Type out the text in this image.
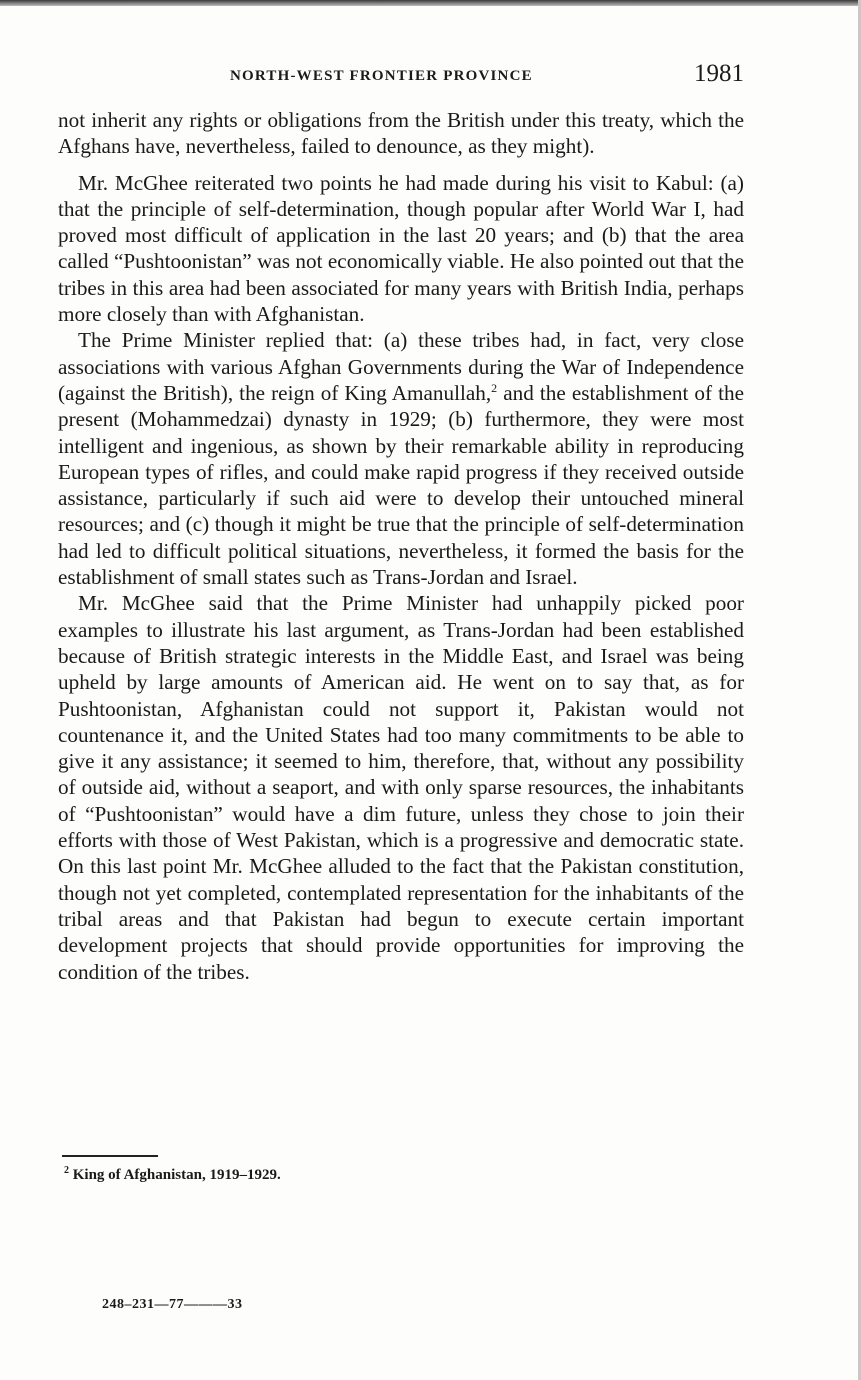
NORTH-WEST FRONTIER PROVINCE	1981

not inherit any rights or obligations from the British under this treaty, which the Afghans have, nevertheless, failed to denounce, as they might).

Mr. McGhee reiterated two points he had made during his visit to Kabul: (a) that the principle of self-determination, though popular after World War I, had proved most difficult of application in the last 20 years; and (b) that the area called “Pushtoonistan” was not economically viable. He also pointed out that the tribes in this area had been associated for many years with British India, perhaps more closely than with Afghanistan.

The Prime Minister replied that: (a) these tribes had, in fact, very close associations with various Afghan Governments during the War of Independence (against the British), the reign of King Amanullah,$^2$ and the establishment of the present (Mohammedzai) dynasty in 1929; (b) furthermore, they were most intelligent and ingenious, as shown by their remarkable ability in reproducing European types of rifles, and could make rapid progress if they received outside assistance, particularly if such aid were to develop their untouched mineral resources; and (c) though it might be true that the principle of self-determination had led to difficult political situations, nevertheless, it formed the basis for the establishment of small states such as Trans-Jordan and Israel.

Mr. McGhee said that the Prime Minister had unhappily picked poor examples to illustrate his last argument, as Trans-Jordan had been established because of British strategic interests in the Middle East, and Israel was being upheld by large amounts of American aid. He went on to say that, as for Pushtoonistan, Afghanistan could not support it, Pakistan would not countenance it, and the United States had too many commitments to be able to give it any assistance; it seemed to him, therefore, that, without any possibility of outside aid, without a seaport, and with only sparse resources, the inhabitants of “Pushtoonistan” would have a dim future, unless they chose to join their efforts with those of West Pakistan, which is a progressive and democratic state. On this last point Mr. McGhee alluded to the fact that the Pakistan constitution, though not yet completed, contemplated representation for the inhabitants of the tribal areas and that Pakistan had begun to execute certain important development projects that should provide opportunities for improving the condition of the tribes.

$^2$ King of Afghanistan, 1919–1929.
248–231—77———33
